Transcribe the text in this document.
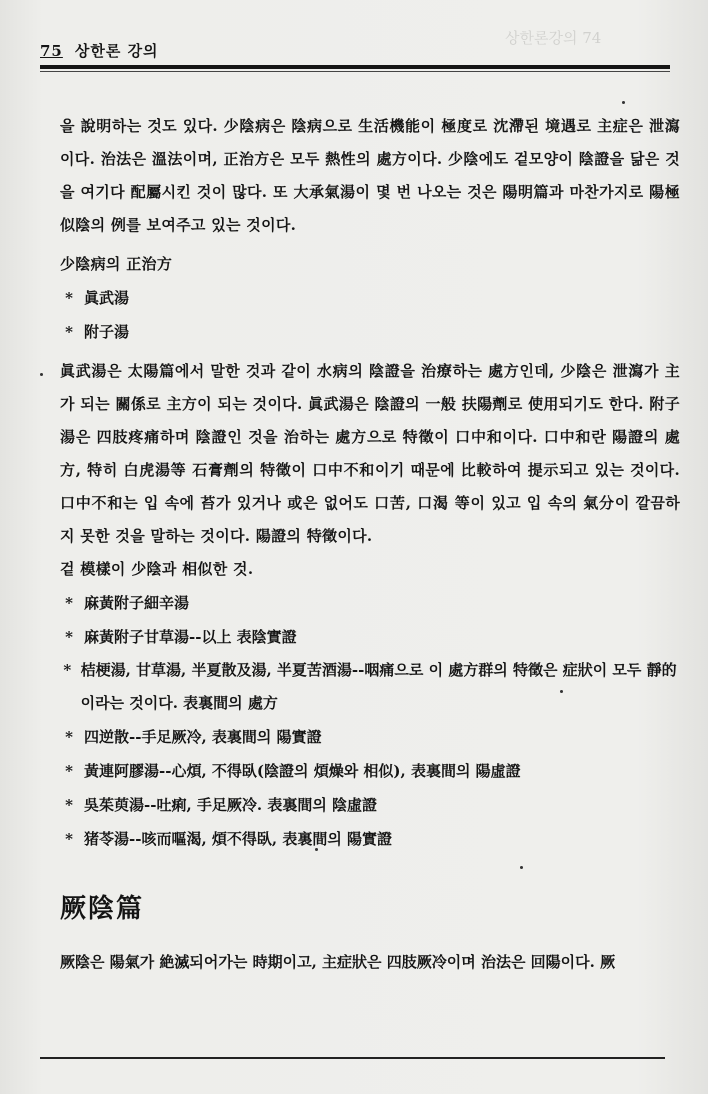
상한론강의 74
75 상한론 강의

을 說明하는 것도 있다. 少陰病은 陰病으로 生活機能이 極度로 沈滯된 境遇로 主症은 泄瀉이다. 治法은 溫法이며, 正治方은 모두 熱性의 處方이다. 少陰에도 겉모양이 陰證을 닮은 것을 여기다 配屬시킨 것이 많다. 또 大承氣湯이 몇 번 나오는 것은 陽明篇과 마찬가지로 陽極似陰의 例를 보여주고 있는 것이다.

少陰病의 正治方

* 眞武湯

* 附子湯

眞武湯은 太陽篇에서 말한 것과 같이 水病의 陰證을 治療하는 處方인데, 少陰은 泄瀉가 主가 되는 關係로 主方이 되는 것이다. 眞武湯은 陰證의 一般 扶陽劑로 使用되기도 한다. 附子湯은 四肢疼痛하며 陰證인 것을 治하는 處方으로 特徵이 口中和이다. 口中和란 陽證의 處方, 特히 白虎湯等 石膏劑의 特徵이 口中不和이기 때문에 比較하여 提示되고 있는 것이다. 口中不和는 입 속에 苔가 있거나 或은 없어도 口苦, 口渴 等이 있고 입 속의 氣分이 깔끔하지 못한 것을 말하는 것이다. 陽證의 特徵이다.

겉 模樣이 少陰과 相似한 것.

* 麻黃附子細辛湯

* 麻黃附子甘草湯--以上 表陰實證

* 桔梗湯, 甘草湯, 半夏散及湯, 半夏苦酒湯--咽痛으로 이 處方群의 特徵은 症狀이 모두 靜的이라는 것이다. 表裏間의 處方

* 四逆散--手足厥冷, 表裏間의 陽實證

* 黃連阿膠湯--心煩, 不得臥(陰證의 煩燥와 相似), 表裏間의 陽虛證

* 吳茱萸湯--吐痢, 手足厥冷. 表裏間의 陰虛證

* 猪苓湯--咳而嘔渴, 煩不得臥, 表裏間의 陽實證

厥陰篇

厥陰은 陽氣가 絶滅되어가는 時期이고, 主症狀은 四肢厥冷이며 治法은 回陽이다. 厥
